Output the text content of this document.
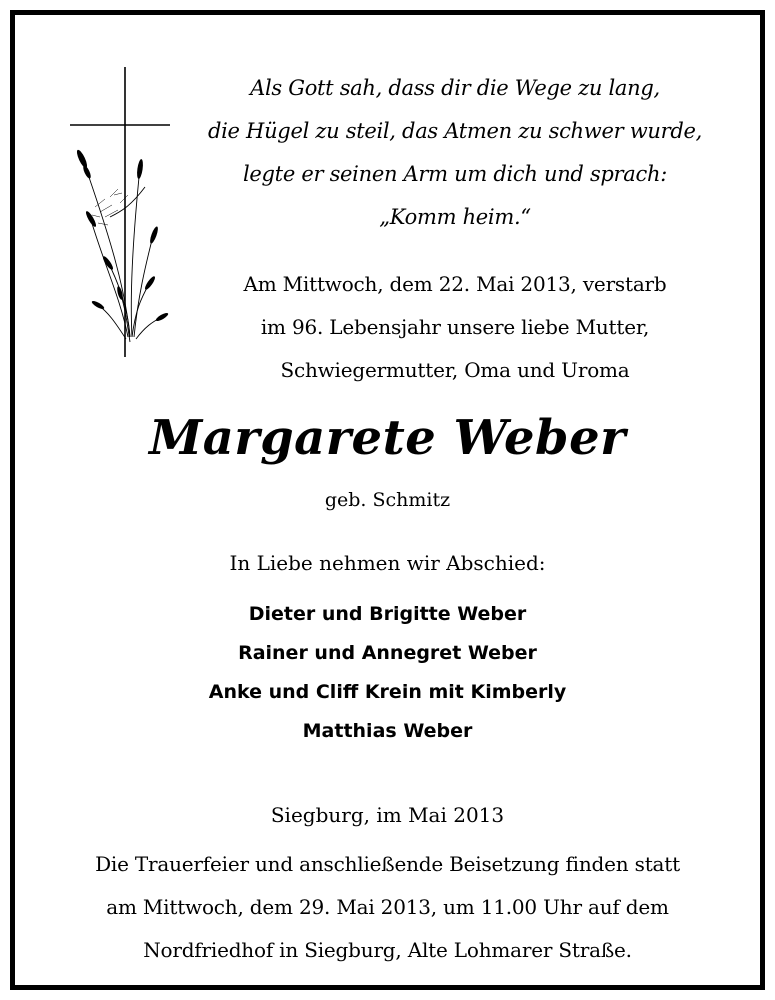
Als Gott sah, dass dir die Wege zu lang,
die Hügel zu steil, das Atmen zu schwer wurde,
legte er seinen Arm um dich und sprach:
„Komm heim.“
Am Mittwoch, dem 22. Mai 2013, verstarb
im 96. Lebensjahr unsere liebe Mutter,
Schwiegermutter, Oma und Uroma
Margarete Weber
geb. Schmitz
In Liebe nehmen wir Abschied:
Dieter und Brigitte Weber
Rainer und Annegret Weber
Anke und Cliff Krein mit Kimberly
Matthias Weber
Siegburg, im Mai 2013
Die Trauerfeier und anschließende Beisetzung finden statt
am Mittwoch, dem 29. Mai 2013, um 11.00 Uhr auf dem
Nordfriedhof in Siegburg, Alte Lohmarer Straße.
